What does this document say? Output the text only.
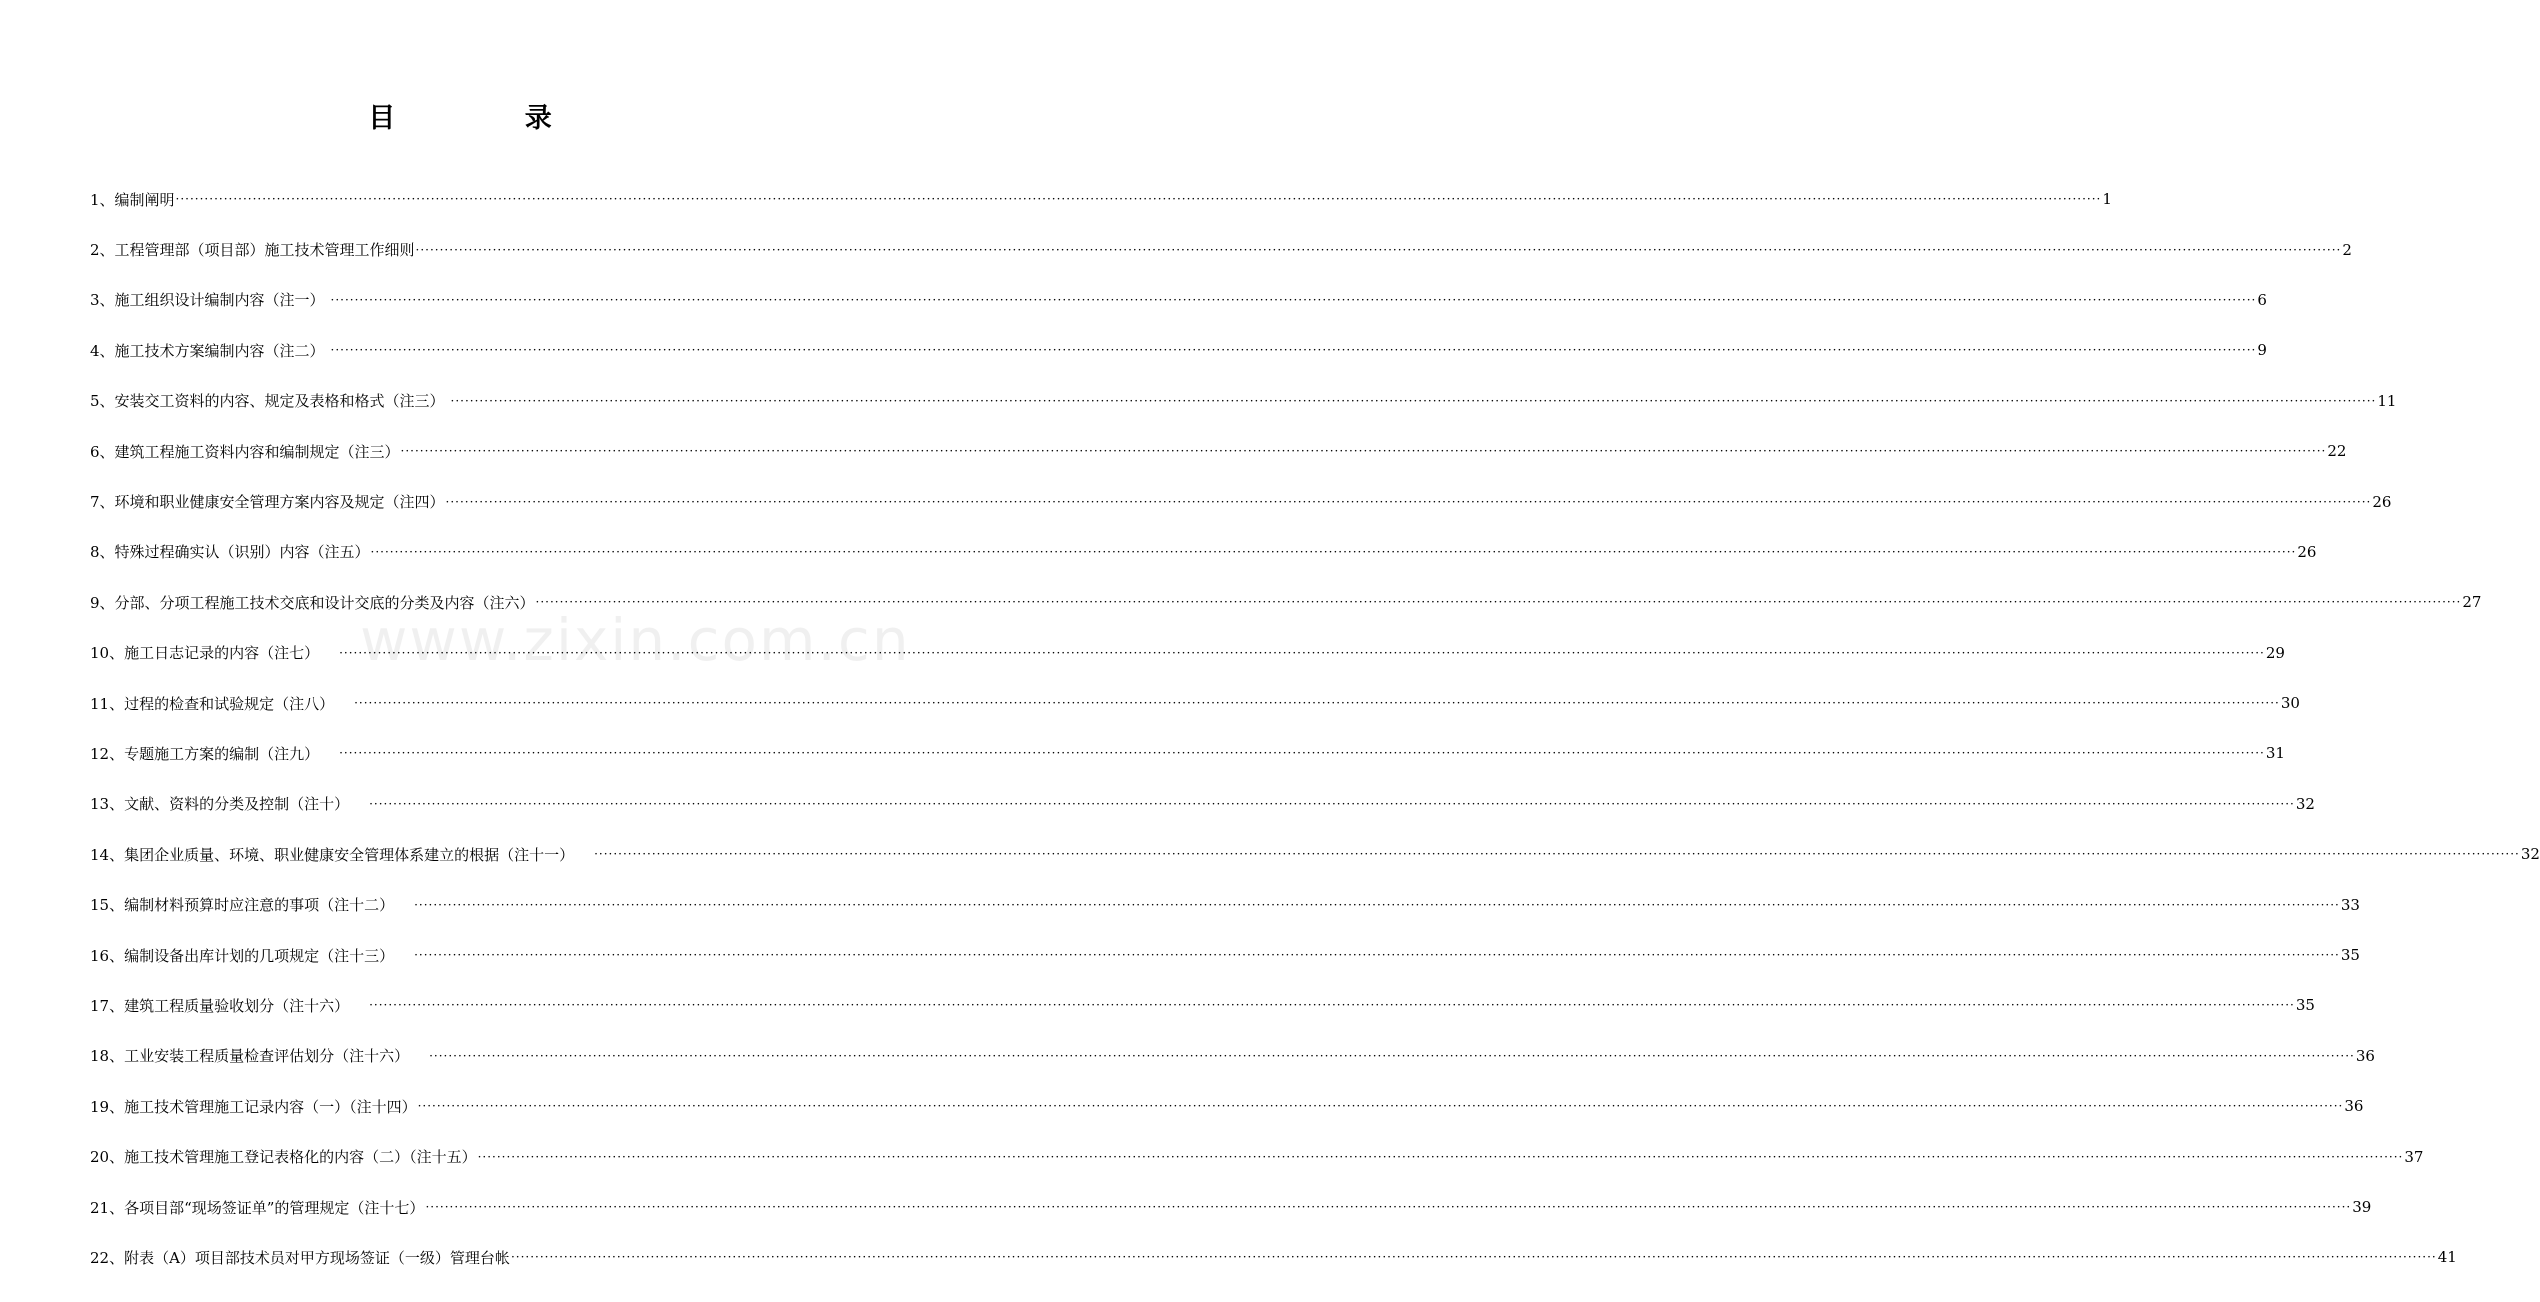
目 录
www.zixin.com.cn
1、编制阐明 ················································································································································································································································································································································································································ 1
2、工程管理部（项目部）施工技术管理工作细则 ················································································································································································································································································································································································································ 2
3、施工组织设计编制内容（注一） ················································································································································································································································································································································································································ 6
4、施工技术方案编制内容（注二） ················································································································································································································································································································································································································ 9
5、安装交工资料的内容、规定及表格和格式（注三） ················································································································································································································································································································································································································ 11
6、建筑工程施工资料内容和编制规定（注三） ················································································································································································································································································································································································································ 22
7、环境和职业健康安全管理方案内容及规定（注四） ················································································································································································································································································································································································································ 26
8、特殊过程确实认（识别）内容（注五） ················································································································································································································································································································································································································ 26
9、分部、分项工程施工技术交底和设计交底的分类及内容（注六） ················································································································································································································································································································································································································ 27
10、施工日志记录的内容（注七） ················································································································································································································································································································································································································ 29
11、过程的检查和试验规定（注八） ················································································································································································································································································································································································································ 30
12、专题施工方案的编制（注九） ················································································································································································································································································································································································································ 31
13、文献、资料的分类及控制（注十） ················································································································································································································································································································································································································ 32
14、集团企业质量、环境、职业健康安全管理体系建立的根据（注十一） ················································································································································································································································································································································································································ 32
15、编制材料预算时应注意的事项（注十二） ················································································································································································································································································································································································································ 33
16、编制设备出库计划的几项规定（注十三） ················································································································································································································································································································································································································ 35
17、建筑工程质量验收划分（注十六） ················································································································································································································································································································································································································ 35
18、工业安装工程质量检查评估划分（注十六） ················································································································································································································································································································································································································ 36
19、施工技术管理施工记录内容（一）（注十四） ················································································································································································································································································································································································································ 36
20、施工技术管理施工登记表格化的内容（二）（注十五） ················································································································································································································································································································································································································ 37
21、各项目部“现场签证单”的管理规定（注十七） ················································································································································································································································································································································································································ 39
22、附表（A）项目部技术员对甲方现场签证（一级）管理台帐 ················································································································································································································································································································································································································ 41
